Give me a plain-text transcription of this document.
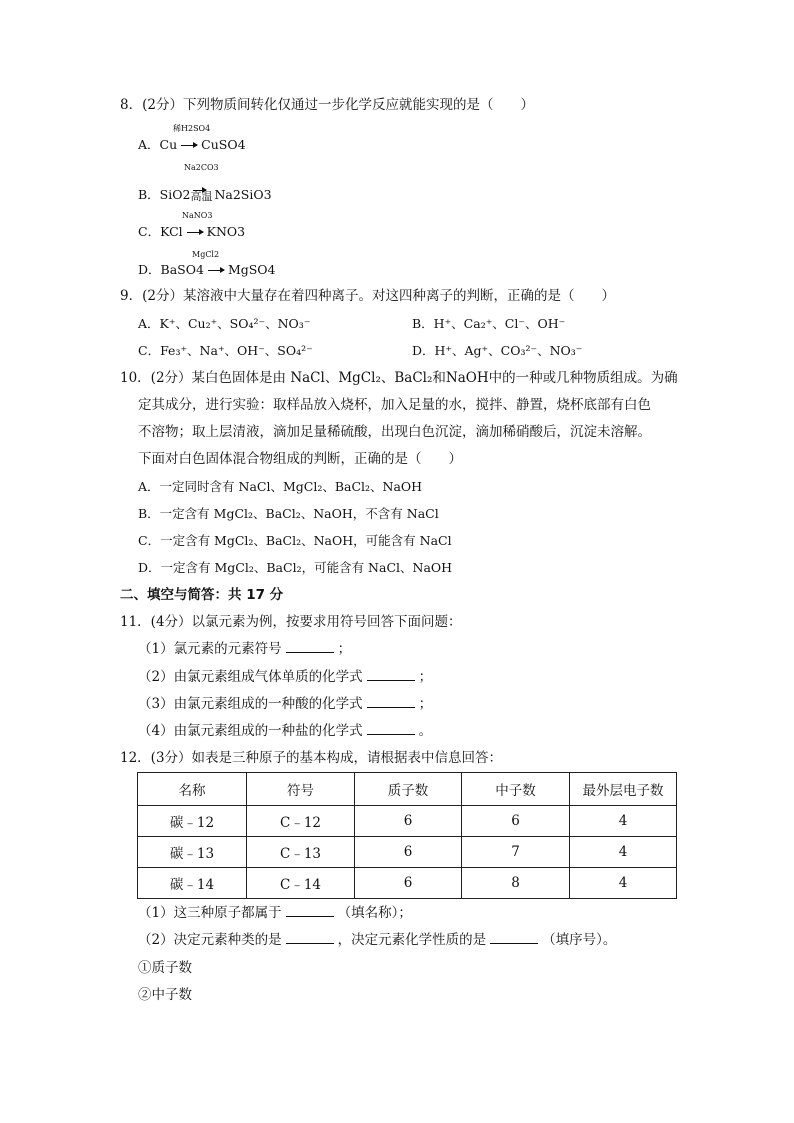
8．(2分）下列物质间转化仅通过一步化学反应就能实现的是（　　）
稀H2SO4
A．Cu CuSO4
Na2CO3
B．SiO2高温 Na2SiO3
NaNO3
C．KCl KNO3
MgCl2
D．BaSO4 MgSO4
9．(2分）某溶液中大量存在着四种离子。对这四种离子的判断，正确的是（　　）
A．K⁺、Cu₂⁺、SO₄²⁻、NO₃⁻	B．H⁺、Ca₂⁺、Cl⁻、OH⁻
C．Fe₃⁺、Na⁺、OH⁻、SO₄²⁻	D．H⁺、Ag⁺、CO₃²⁻、NO₃⁻
10．(2分）某白色固体是由 NaCl、MgCl₂、BaCl₂和NaOH中的一种或几种物质组成。为确
定其成分，进行实验：取样品放入烧杯，加入足量的水，搅拌、静置，烧杯底部有白色
不溶物；取上层清液，滴加足量稀硫酸，出现白色沉淀，滴加稀硝酸后，沉淀未溶解。
下面对白色固体混合物组成的判断，正确的是（　　）
A．一定同时含有 NaCl、MgCl₂、BaCl₂、NaOH
B．一定含有 MgCl₂、BaCl₂、NaOH，不含有 NaCl
C．一定含有 MgCl₂、BaCl₂、NaOH，可能含有 NaCl
D．一定含有 MgCl₂、BaCl₂，可能含有 NaCl、NaOH
二、填空与简答：共 17 分
11．(4分）以氯元素为例，按要求用符号回答下面问题：
（1）氯元素的元素符号	；
（2）由氯元素组成气体单质的化学式	；
（3）由氯元素组成的一种酸的化学式	；
（4）由氯元素组成的一种盐的化学式	。
12．(3分）如表是三种原子的基本构成，请根据表中信息回答：
名称	符号	质子数	中子数	最外层电子数
碳﹣12	C﹣12	6	6	4
碳﹣13	C﹣13	6	7	4
碳﹣14	C﹣14	6	8	4
（1）这三种原子都属于	（填名称）；
（2）决定元素种类的是	，决定元素化学性质的是	（填序号）。
①质子数
②中子数
